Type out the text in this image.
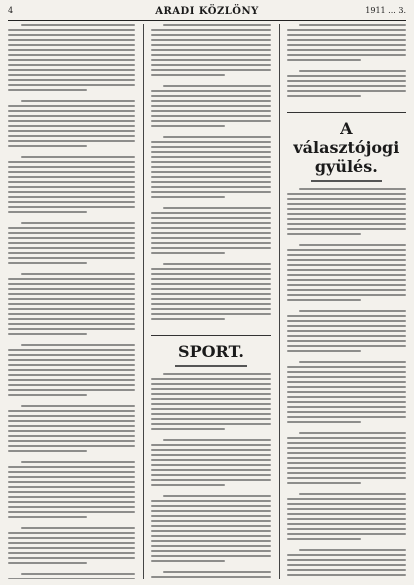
4	ARADI KÖZLÖNY	1911 ... 3.
SPORT.
A választójogi gyülés.
